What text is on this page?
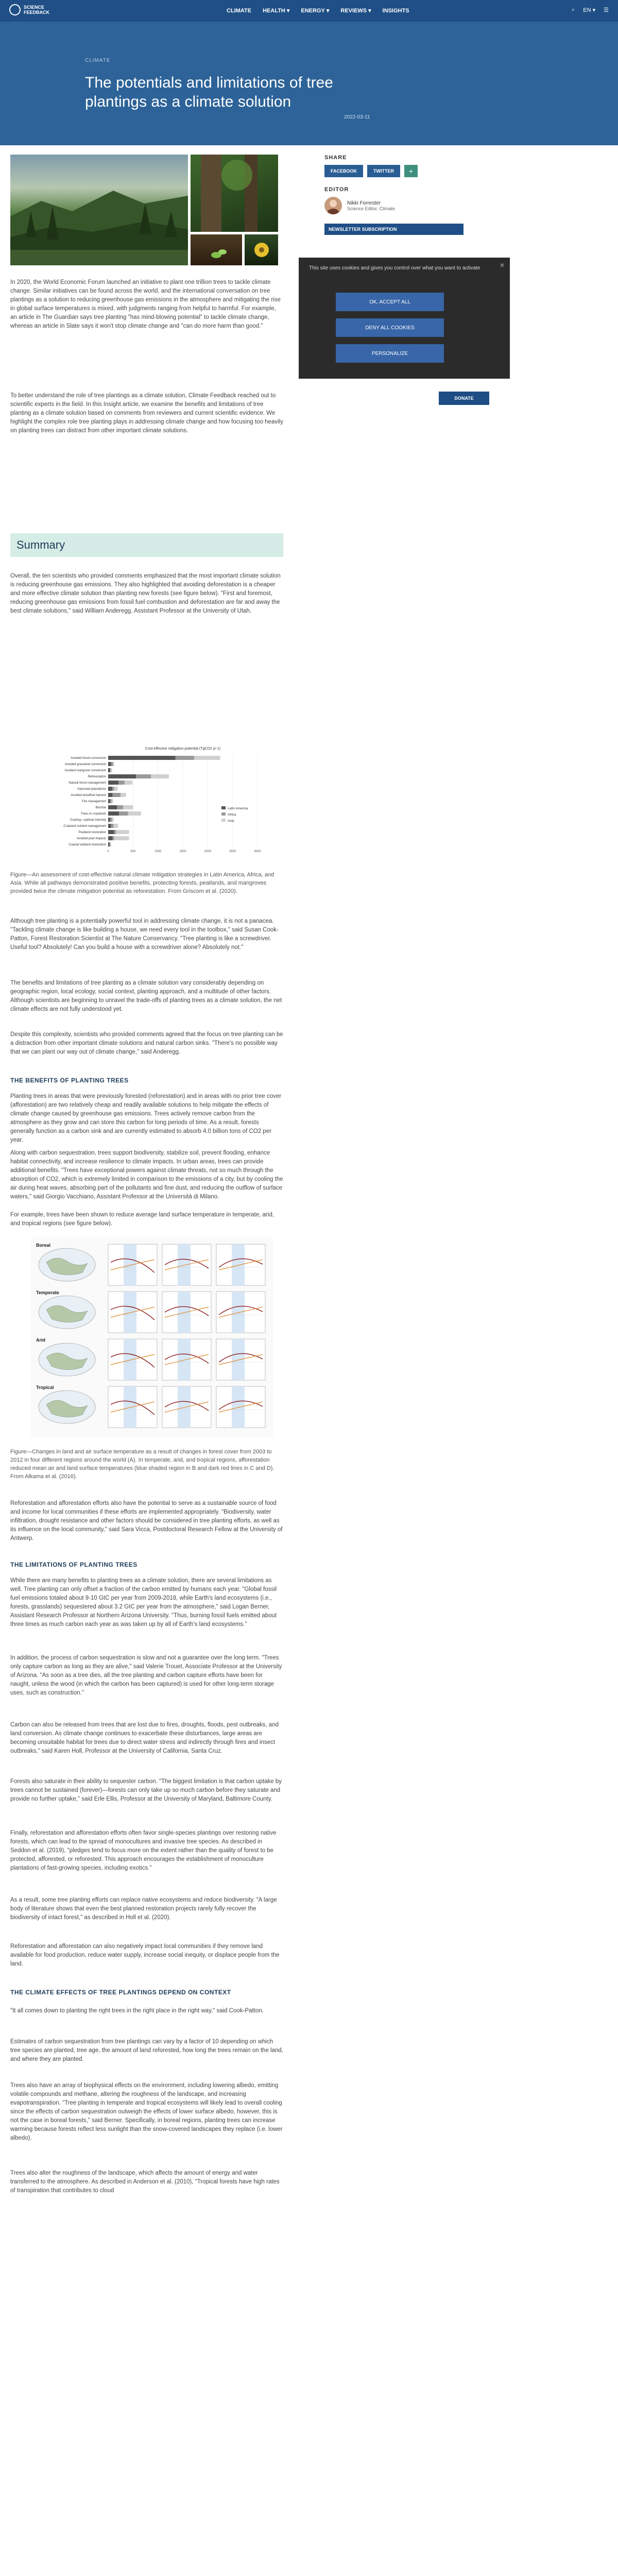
SCIENCE
FEEDBACK	CLIMATE HEALTH ▾ ENERGY ▾ REVIEWS ▾ INSIGHTS	⌕ EN ▾ ☰
CLIMATE
The potentials and limitations of tree plantings as a climate solution
2022-03-11
SHARE
FACEBOOK	TWITTER	+
EDITOR
Nikki Forrester
Science Editor, Climate
NEWSLETTER SUBSCRIPTION
This site uses cookies and gives you control over what you want to activate	✕
OK, ACCEPT ALL
DENY ALL COOKIES
PERSONALIZE
DONATE

In 2020, the World Economic Forum launched an initiative to plant one trillion trees to tackle climate change. Similar initiatives can be found across the world, and the international conversation on tree plantings as a solution to reducing greenhouse gas emissions in the atmosphere and mitigating the rise in global surface temperatures is mixed, with judgments ranging from helpful to harmful. For example, an article in The Guardian says tree planting "has mind-blowing potential" to tackle climate change, whereas an article in Slate says it won't stop climate change and "can do more harm than good."

To better understand the role of tree plantings as a climate solution, Climate Feedback reached out to scientific experts in the field. In this Insight article, we examine the benefits and limitations of tree planting as a climate solution based on comments from reviewers and current scientific evidence. We highlight the complex role tree planting plays in addressing climate change and how focusing too heavily on planting trees can distract from other important climate solutions.

Summary

Overall, the ten scientists who provided comments emphasized that the most important climate solution is reducing greenhouse gas emissions. They also highlighted that avoiding deforestation is a cheaper and more effective climate solution than planting new forests (see figure below). "First and foremost, reducing greenhouse gas emissions from fossil fuel combustion and deforestation are far and away the best climate solutions," said William Anderegg, Assistant Professor at the University of Utah.

Cost-effective mitigation potential (TgCO2 yr-1)
0	500	1000	1500	2000	2500	3000
Avoided forest conversion
Avoided grassland conversion
Avoided mangrove conversion
Reforestation
Natural forest management
Improved plantations
Avoided woodfuel harvest
Fire management
Biochar
Trees in croplands
Grazing—optimal intensity
Cropland nutrient management
Peatland restoration
Avoided peat impacts
Coastal wetland restoration
Latin America
Africa
Asia
Figure—An assessment of cost-effective natural climate mitigation strategies in Latin America, Africa, and Asia. While all pathways demonstrated positive benefits, protecting forests, peatlands, and mangroves provided twice the climate mitigation potential as reforestation. From Griscom et al. (2020).

Although tree planting is a potentially powerful tool in addressing climate change, it is not a panacea. "Tackling climate change is like building a house, we need every tool in the toolbox," said Susan Cook-Patton, Forest Restoration Scientist at The Nature Conservancy. "Tree planting is like a screwdriver. Useful tool? Absolutely! Can you build a house with a screwdriver alone? Absolutely not."

The benefits and limitations of tree planting as a climate solution vary considerably depending on geographic region, local ecology, social context, planting approach, and a multitude of other factors. Although scientists are beginning to unravel the trade-offs of planting trees as a climate solution, the net climate effects are not fully understood yet.

Despite this complexity, scientists who provided comments agreed that the focus on tree planting can be a distraction from other important climate solutions and natural carbon sinks. "There's no possible way that we can plant our way out of climate change," said Anderegg.

THE BENEFITS OF PLANTING TREES

Planting trees in areas that were previously forested (reforestation) and in areas with no prior tree cover (afforestation) are two relatively cheap and readily available solutions to help mitigate the effects of climate change caused by greenhouse gas emissions. Trees actively remove carbon from the atmosphere as they grow and can store this carbon for long periods of time. As a result, forests generally function as a carbon sink and are currently estimated to absorb 4.0 billion tons of CO2 per year.

Along with carbon sequestration, trees support biodiversity, stabilize soil, prevent flooding, enhance habitat connectivity, and increase resilience to climate impacts. In urban areas, trees can provide additional benefits. "Trees have exceptional powers against climate threats, not so much through the absorption of CO2, which is extremely limited in comparison to the emissions of a city, but by cooling the air during heat waves, absorbing part of the pollutants and fine dust, and reducing the outflow of surface waters," said Giorgio Vacchiano, Assistant Professor at the Università di Milano.

For example, trees have been shown to reduce average land surface temperature in temperate, arid, and tropical regions (see figure below).

Boreal
Temperate
Arid
Tropical
Figure—Changes in land and air surface temperature as a result of changes in forest cover from 2003 to 2012 in four different regions around the world (A). In temperate, arid, and tropical regions, afforestation reduced mean air and land surface temperatures (blue shaded region in B and dark red lines in C and D). From Alkama et al. (2016).

Reforestation and afforestation efforts also have the potential to serve as a sustainable source of food and income for local communities if these efforts are implemented appropriately. "Biodiversity, water infiltration, drought resistance and other factors should be considered in tree planting efforts, as well as its influence on the local community," said Sara Vicca, Postdoctoral Research Fellow at the University of Antwerp.

THE LIMITATIONS OF PLANTING TREES

While there are many benefits to planting trees as a climate solution, there are several limitations as well. Tree planting can only offset a fraction of the carbon emitted by humans each year. "Global fossil fuel emissions totaled about 9-10 GtC per year from 2009-2018, while Earth's land ecosystems (i.e., forests, grasslands) sequestered about 3.2 GtC per year from the atmosphere," said Logan Berner, Assistant Research Professor at Northern Arizona University. "Thus, burning fossil fuels emitted about three times as much carbon each year as was taken up by all of Earth's land ecosystems."

In addition, the process of carbon sequestration is slow and not a guarantee over the long term. "Trees only capture carbon as long as they are alive," said Valerie Trouet, Associate Professor at the University of Arizona. "As soon as a tree dies, all the tree planting and carbon capture efforts have been for naught, unless the wood (in which the carbon has been captured) is used for other long-term storage uses, such as construction."

Carbon can also be released from trees that are lost due to fires, droughts, floods, pest outbreaks, and land conversion. As climate change continues to exacerbate these disturbances, large areas are becoming unsuitable habitat for trees due to direct water stress and indirectly through fires and insect outbreaks," said Karen Holl, Professor at the University of California, Santa Cruz.

Forests also saturate in their ability to sequester carbon. "The biggest limitation is that carbon uptake by trees cannot be sustained (forever)—forests can only take up so much carbon before they saturate and provide no further uptake," said Erle Ellis, Professor at the University of Maryland, Baltimore County.

Finally, reforestation and afforestation efforts often favor single-species plantings over restoring native forests, which can lead to the spread of monocultures and invasive tree species. As described in Seddon et al. (2019), "pledges tend to focus more on the extent rather than the quality of forest to be protected, afforested, or reforested. This approach encourages the establishment of monoculture plantations of fast-growing species, including exotics."

As a result, some tree planting efforts can replace native ecosystems and reduce biodiversity. "A large body of literature shows that even the best planned restoration projects rarely fully recover the biodiversity of intact forest," as described in Holl et al. (2020).

Reforestation and afforestation can also negatively impact local communities if they remove land available for food production, reduce water supply, increase social inequity, or displace people from the land.

THE CLIMATE EFFECTS OF TREE PLANTINGS DEPEND ON CONTEXT

"It all comes down to planting the right trees in the right place in the right way," said Cook-Patton.

Estimates of carbon sequestration from tree plantings can vary by a factor of 10 depending on which tree species are planted, tree age, the amount of land reforested, how long the trees remain on the land, and where they are planted.

Trees also have an array of biophysical effects on the environment, including lowering albedo, emitting volatile compounds and methane, altering the roughness of the landscape, and increasing evapotranspiration. "Tree planting in temperate and tropical ecosystems will likely lead to overall cooling since the effects of carbon sequestration outweigh the effects of lower surface albedo, however, this is not the case in boreal forests," said Berner. Specifically, in boreal regions, planting trees can increase warming because forests reflect less sunlight than the snow-covered landscapes they replace (i.e. lower albedo).

Trees also alter the roughness of the landscape, which affects the amount of energy and water transferred to the atmosphere. As described in Anderson et al. (2010), "Tropical forests have high rates of transpiration that contributes to cloud
